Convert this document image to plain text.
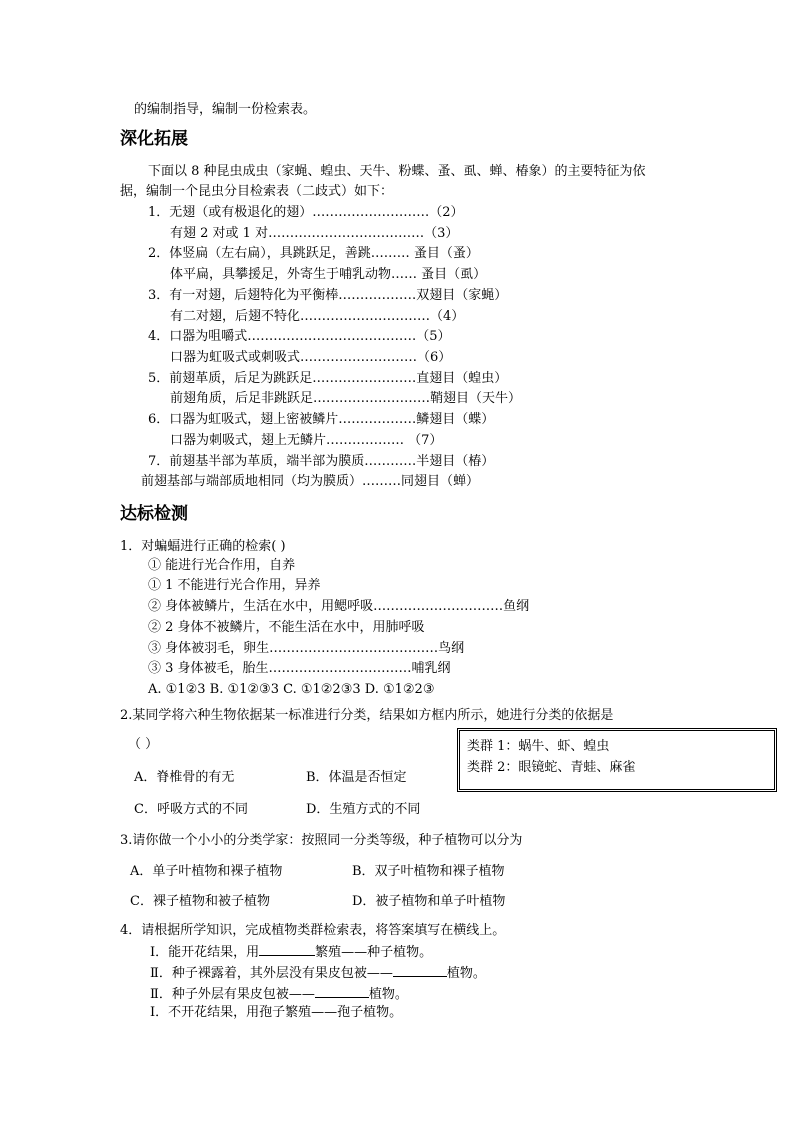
的编制指导，编制一份检索表。
深化拓展
下面以 8 种昆虫成虫（家蝇、蝗虫、天牛、粉蝶、蚤、虱、蝉、椿象）的主要特征为依
据，编制一个昆虫分目检索表（二歧式）如下：
1．无翅（或有极退化的翅）………………………（2）
有翅 2 对或 1 对………………………………（3）
2．体竖扁（左右扁），具跳跃足，善跳……… 蚤目（蚤）
体平扁，具攀援足，外寄生于哺乳动物…… 蚤目（虱）
3．有一对翅，后翅特化为平衡棒………………双翅目（家蝇）
有二对翅，后翅不特化…………………………（4）
4．口器为咀嚼式…………………………………（5）
口器为虹吸式或刺吸式………………………（6）
5．前翅革质，后足为跳跃足……………………直翅目（蝗虫）
前翅角质，后足非跳跃足………………………鞘翅目（天牛）
6．口器为虹吸式，翅上密被鳞片………………鳞翅目（蝶）
口器为刺吸式，翅上无鳞片……………… （7）
7．前翅基半部为革质，端半部为膜质…………半翅目（椿）
前翅基部与端部质地相同（均为膜质）………同翅目（蝉）
达标检测
1．对蝙蝠进行正确的检索( )
① 能进行光合作用，自养
① 1 不能进行光合作用，异养
② 身体被鳞片，生活在水中，用鳃呼吸…………………………鱼纲
② 2 身体不被鳞片，不能生活在水中，用肺呼吸
③ 身体被羽毛，卵生…………………………………鸟纲
③ 3 身体被毛，胎生……………………………哺乳纲
A. ①1②3 B. ①1②③3 C. ①1②2③3 D. ①1②2③
2.某同学将六种生物依据某一标准进行分类，结果如方框内所示，她进行分类的依据是
（ ）	类群 1：蜗牛、虾、蝗虫
类群 2：眼镜蛇、青蛙、麻雀
A．脊椎骨的有无	B．体温是否恒定
C．呼吸方式的不同	D．生殖方式的不同
3.请你做一个小小的分类学家：按照同一分类等级，种子植物可以分为
A．单子叶植物和裸子植物	B．双子叶植物和裸子植物
C．裸子植物和被子植物	D．被子植物和单子叶植物
4．请根据所学知识，完成植物类群检索表，将答案填写在横线上。
Ⅰ．能开花结果，用	繁殖——种子植物。
Ⅱ．种子裸露着，其外层没有果皮包被——	植物。
Ⅱ．种子外层有果皮包被——	植物。
Ⅰ．不开花结果，用孢子繁殖——孢子植物。
